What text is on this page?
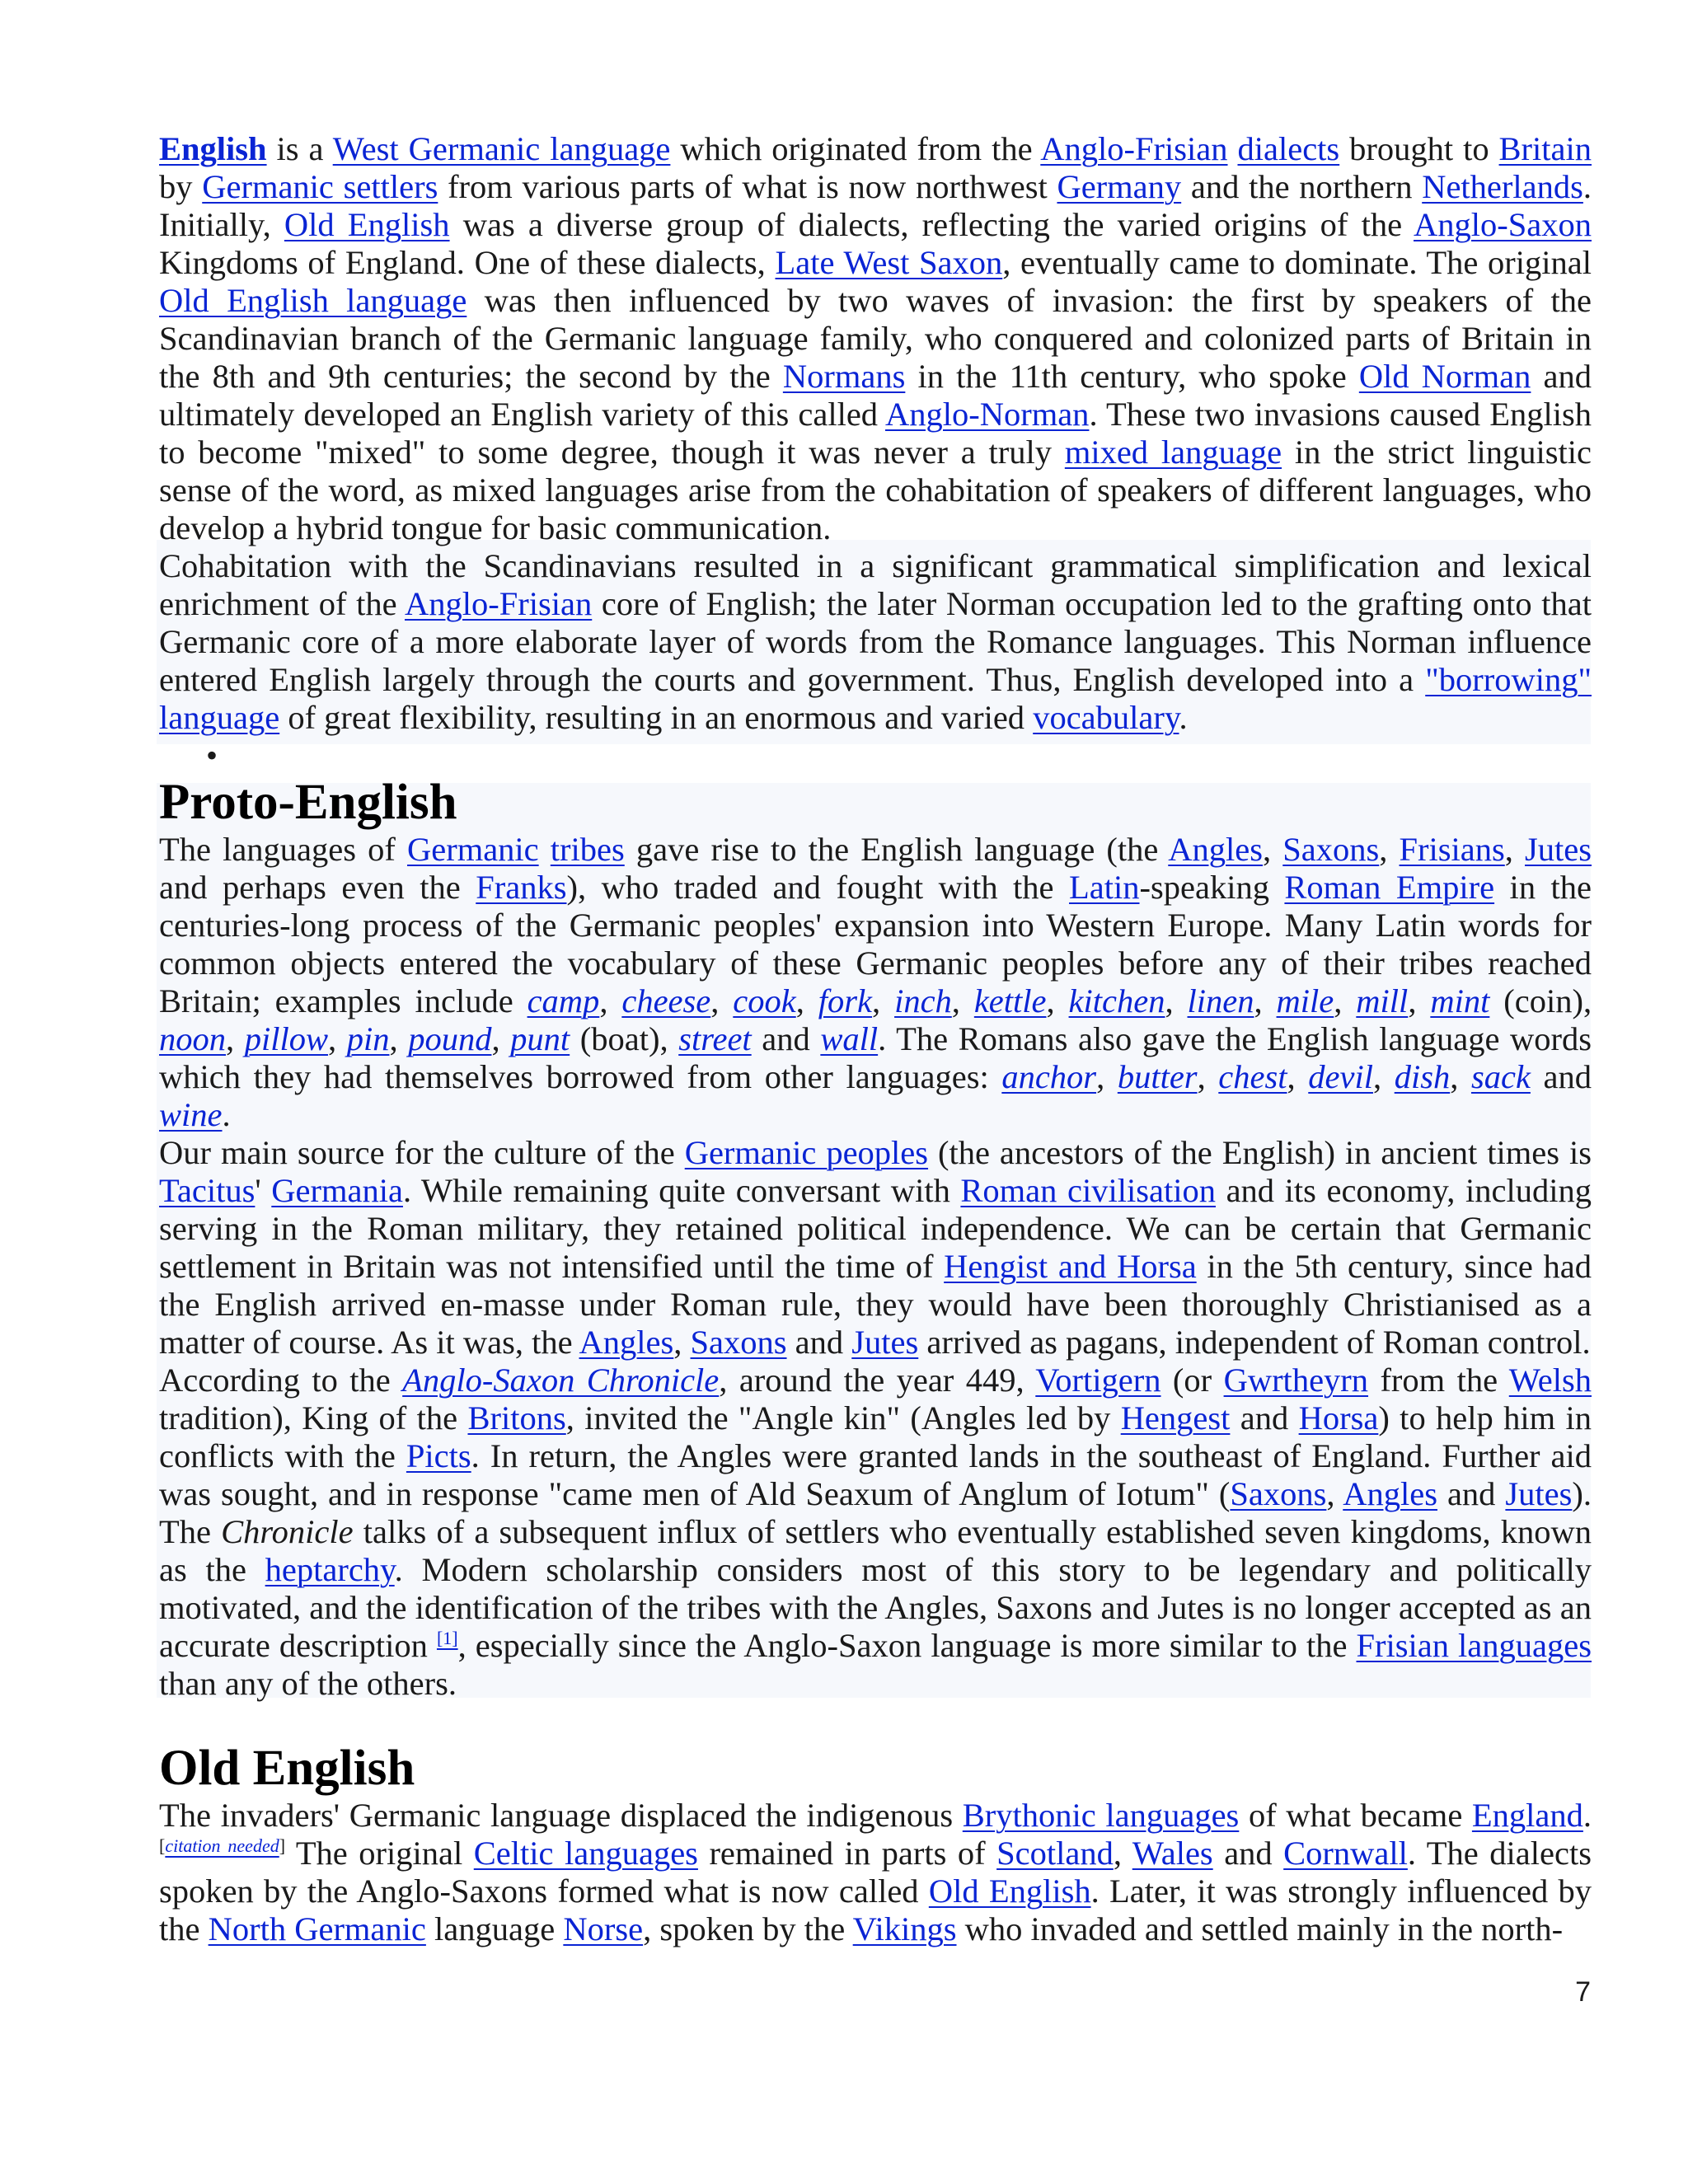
English is a West Germanic language which originated from the Anglo-Frisian dialects brought to Britain by Germanic settlers from various parts of what is now northwest Germany and the northern Netherlands. Initially, Old English was a diverse group of dialects, reflecting the varied origins of the Anglo-Saxon Kingdoms of England. One of these dialects, Late West Saxon, eventually came to dominate. The original Old English language was then influenced by two waves of invasion: the first by speakers of the Scandinavian branch of the Germanic language family, who conquered and colonized parts of Britain in the 8th and 9th centuries; the second by the Normans in the 11th century, who spoke Old Norman and ultimately developed an English variety of this called Anglo-Norman. These two invasions caused English to become "mixed" to some degree, though it was never a truly mixed language in the strict linguistic sense of the word, as mixed languages arise from the cohabitation of speakers of different languages, who develop a hybrid tongue for basic communication.

Cohabitation with the Scandinavians resulted in a significant grammatical simplification and lexical enrichment of the Anglo-Frisian core of English; the later Norman occupation led to the grafting onto that Germanic core of a more elaborate layer of words from the Romance languages. This Norman influence entered English largely through the courts and government. Thus, English developed into a "borrowing" language of great flexibility, resulting in an enormous and varied vocabulary.

•
Proto-English

The languages of Germanic tribes gave rise to the English language (the Angles, Saxons, Frisians, Jutes and perhaps even the Franks), who traded and fought with the Latin-speaking Roman Empire in the centuries-long process of the Germanic peoples' expansion into Western Europe. Many Latin words for common objects entered the vocabulary of these Germanic peoples before any of their tribes reached Britain; examples include camp, cheese, cook, fork, inch, kettle, kitchen, linen, mile, mill, mint (coin), noon, pillow, pin, pound, punt (boat), street and wall. The Romans also gave the English language words which they had themselves borrowed from other languages: anchor, butter, chest, devil, dish, sack and wine.

Our main source for the culture of the Germanic peoples (the ancestors of the English) in ancient times is Tacitus' Germania. While remaining quite conversant with Roman civilisation and its economy, including serving in the Roman military, they retained political independence. We can be certain that Germanic settlement in Britain was not intensified until the time of Hengist and Horsa in the 5th century, since had the English arrived en-masse under Roman rule, they would have been thoroughly Christianised as a matter of course. As it was, the Angles, Saxons and Jutes arrived as pagans, independent of Roman control.

According to the Anglo-Saxon Chronicle, around the year 449, Vortigern (or Gwrtheyrn from the Welsh tradition), King of the Britons, invited the "Angle kin" (Angles led by Hengest and Horsa) to help him in conflicts with the Picts. In return, the Angles were granted lands in the southeast of England. Further aid was sought, and in response "came men of Ald Seaxum of Anglum of Iotum" (Saxons, Angles and Jutes). The Chronicle talks of a subsequent influx of settlers who eventually established seven kingdoms, known as the heptarchy. Modern scholarship considers most of this story to be legendary and politically motivated, and the identification of the tribes with the Angles, Saxons and Jutes is no longer accepted as an accurate description [1], especially since the Anglo-Saxon language is more similar to the Frisian languages than any of the others.

Old English

The invaders' Germanic language displaced the indigenous Brythonic languages of what became England. [citation needed] The original Celtic languages remained in parts of Scotland, Wales and Cornwall. The dialects spoken by the Anglo-Saxons formed what is now called Old English. Later, it was strongly influenced by the North Germanic language Norse, spoken by the Vikings who invaded and settled mainly in the north-

7
